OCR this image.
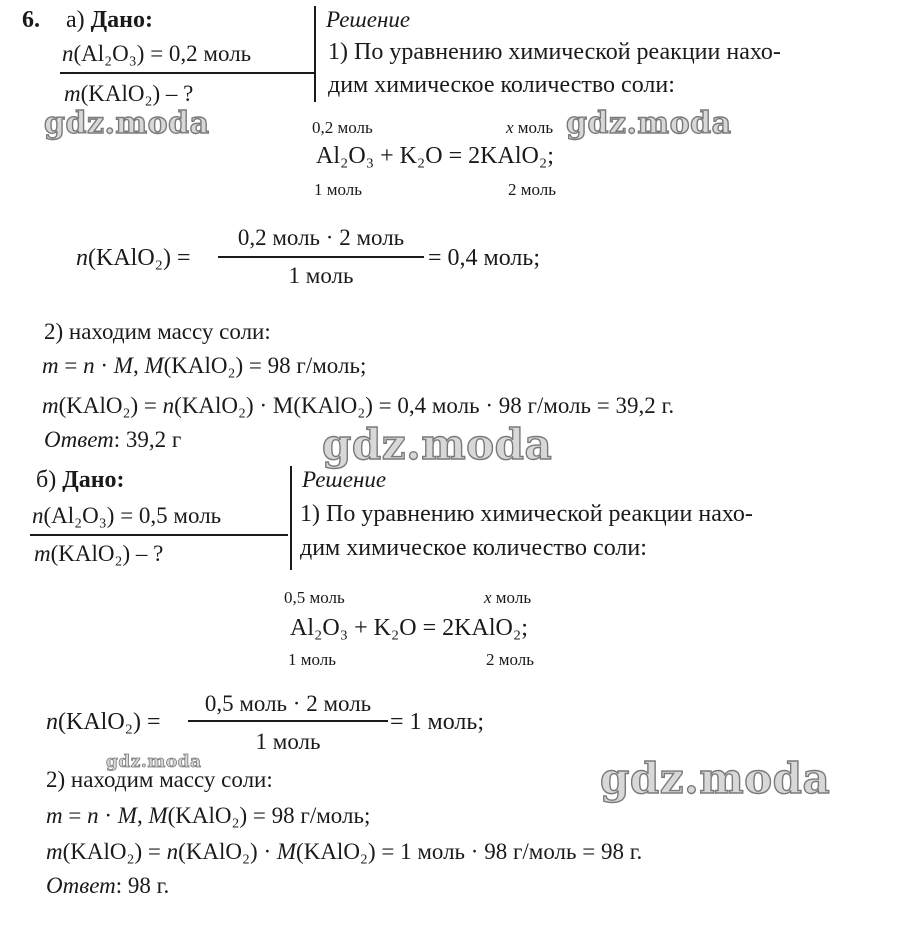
6. а) Дано:
n(Al₂O₃) = 0,2 моль
m(KAlO₂) – ?
Решение
1) По уравнению химической реакции нахо-
дим химическое количество соли:
0,2 моль	x моль
Al₂O₃ + K₂O = 2KAlO₂;
1 моль	2 моль
n(KAlO₂) =
0,2 моль · 2 моль
1 моль
= 0,4 моль;
2) находим массу соли:
m = n · M, M(KAlO₂) = 98 г/моль;
m(KAlO₂) = n(KAlO₂) · M(KAlO₂) = 0,4 моль · 98 г/моль = 39,2 г.
Ответ: 39,2 г
б) Дано:
n(Al₂O₃) = 0,5 моль
m(KAlO₂) – ?
Решение
1) По уравнению химической реакции нахо-
дим химическое количество соли:
0,5 моль	x моль
Al₂O₃ + K₂O = 2KAlO₂;
1 моль	2 моль
n(KAlO₂) =
0,5 моль · 2 моль
1 моль
= 1 моль;
2) находим массу соли:
m = n · M, M(KAlO₂) = 98 г/моль;
m(KAlO₂) = n(KAlO₂) · M(KAlO₂) = 1 моль · 98 г/моль = 98 г.
Ответ: 98 г.
gdz.moda	gdz.moda
gdz.moda
gdz.moda	gdz.moda
